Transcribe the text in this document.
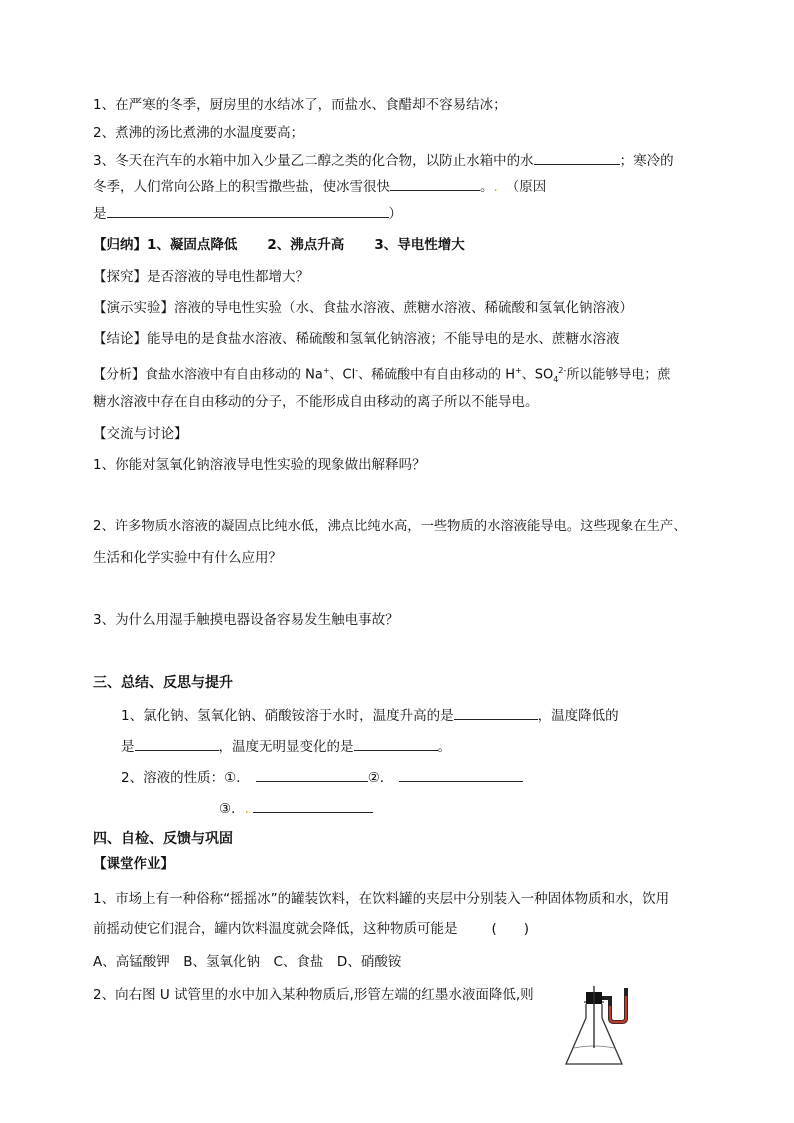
1、在严寒的冬季，厨房里的水结冰了，而盐水、食醋却不容易结冰；
2、煮沸的汤比煮沸的水温度要高；
3、冬天在汽车的水箱中加入少量乙二醇之类的化合物，以防止水箱中的水	；寒冷的
冬季，人们常向公路上的积雪撒些盐，使冰雪很快	。. （原因
是	）
【归纳】1、凝固点降低 2、沸点升高 3、导电性增大
【探究】是否溶液的导电性都增大？
【演示实验】溶液的导电性实验（水、食盐水溶液、蔗糖水溶液、稀硫酸和氢氧化钠溶液）
【结论】能导电的是食盐水溶液、稀硫酸和氢氧化钠溶液；不能导电的是水、蔗糖水溶液
【分析】食盐水溶液中有自由移动的 Na+、Cl-、稀硫酸中有自由移动的 H+、$SO_4^{2-}$所以能够导电；蔗
糖水溶液中存在自由移动的分子，不能形成自由移动的离子所以不能导电。
【交流与讨论】
1、你能对氢氧化钠溶液导电性实验的现象做出解释吗？
2、许多物质水溶液的凝固点比纯水低，沸点比纯水高，一些物质的水溶液能导电。这些现象在生产、
生活和化学实验中有什么应用？
3、为什么用湿手触摸电器设备容易发生触电事故？
三、总结、反思与提升
1、氯化钠、氢氧化钠、硝酸铵溶于水时，温度升高的是	，温度降低的
是	，温度无明显变化的是	。
2、溶液的性质：①．	②．
③．.
四、自检、反馈与巩固
【课堂作业】
1、市场上有一种俗称“摇摇冰”的罐装饮料，在饮料罐的夹层中分别装入一种固体物质和水，饮用
前摇动使它们混合，罐内饮料温度就会降低，这种物质可能是	(　　)
A、高锰酸钾　B、氢氧化钠　C、食盐　D、硝酸铵
2、向右图 U 试管里的水中加入某种物质后,形管左端的红墨水液面降低,则
